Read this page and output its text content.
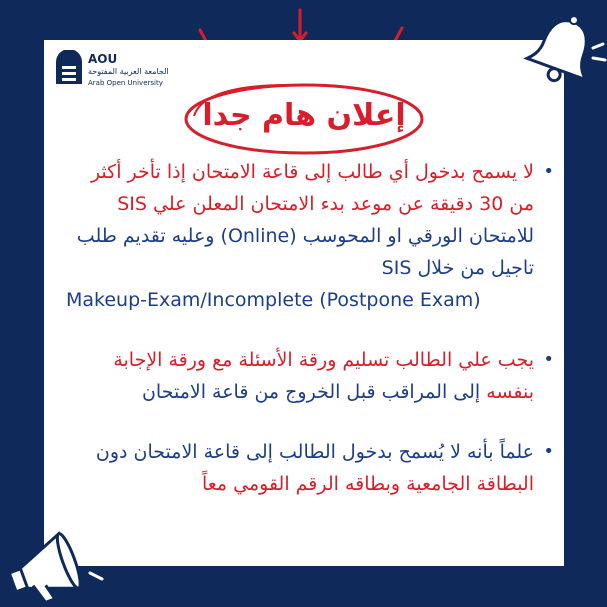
AOU
الجامعة العربية المفتوحة
Arab Open University
إعلان هام جدا
•
لا يسمح بدخول أي طالب إلى قاعة الامتحان إذا تأخر أكثر من 30 دقيقة عن موعد بدء الامتحان المعلن علي SIS للامتحان الورقي او المحوسب (Online) وعليه تقديم طلب تاجيل من خلال SIS
Makeup-Exam/Incomplete (Postpone Exam)
•
يجب علي الطالب تسليم ورقة الأسئلة مع ورقة الإجابة بنفسه إلى المراقب قبل الخروج من قاعة الامتحان
•
علماً بأنه لا يُسمح بدخول الطالب إلى قاعة الامتحان دون البطاقة الجامعية وبطاقه الرقم القومي معاً
